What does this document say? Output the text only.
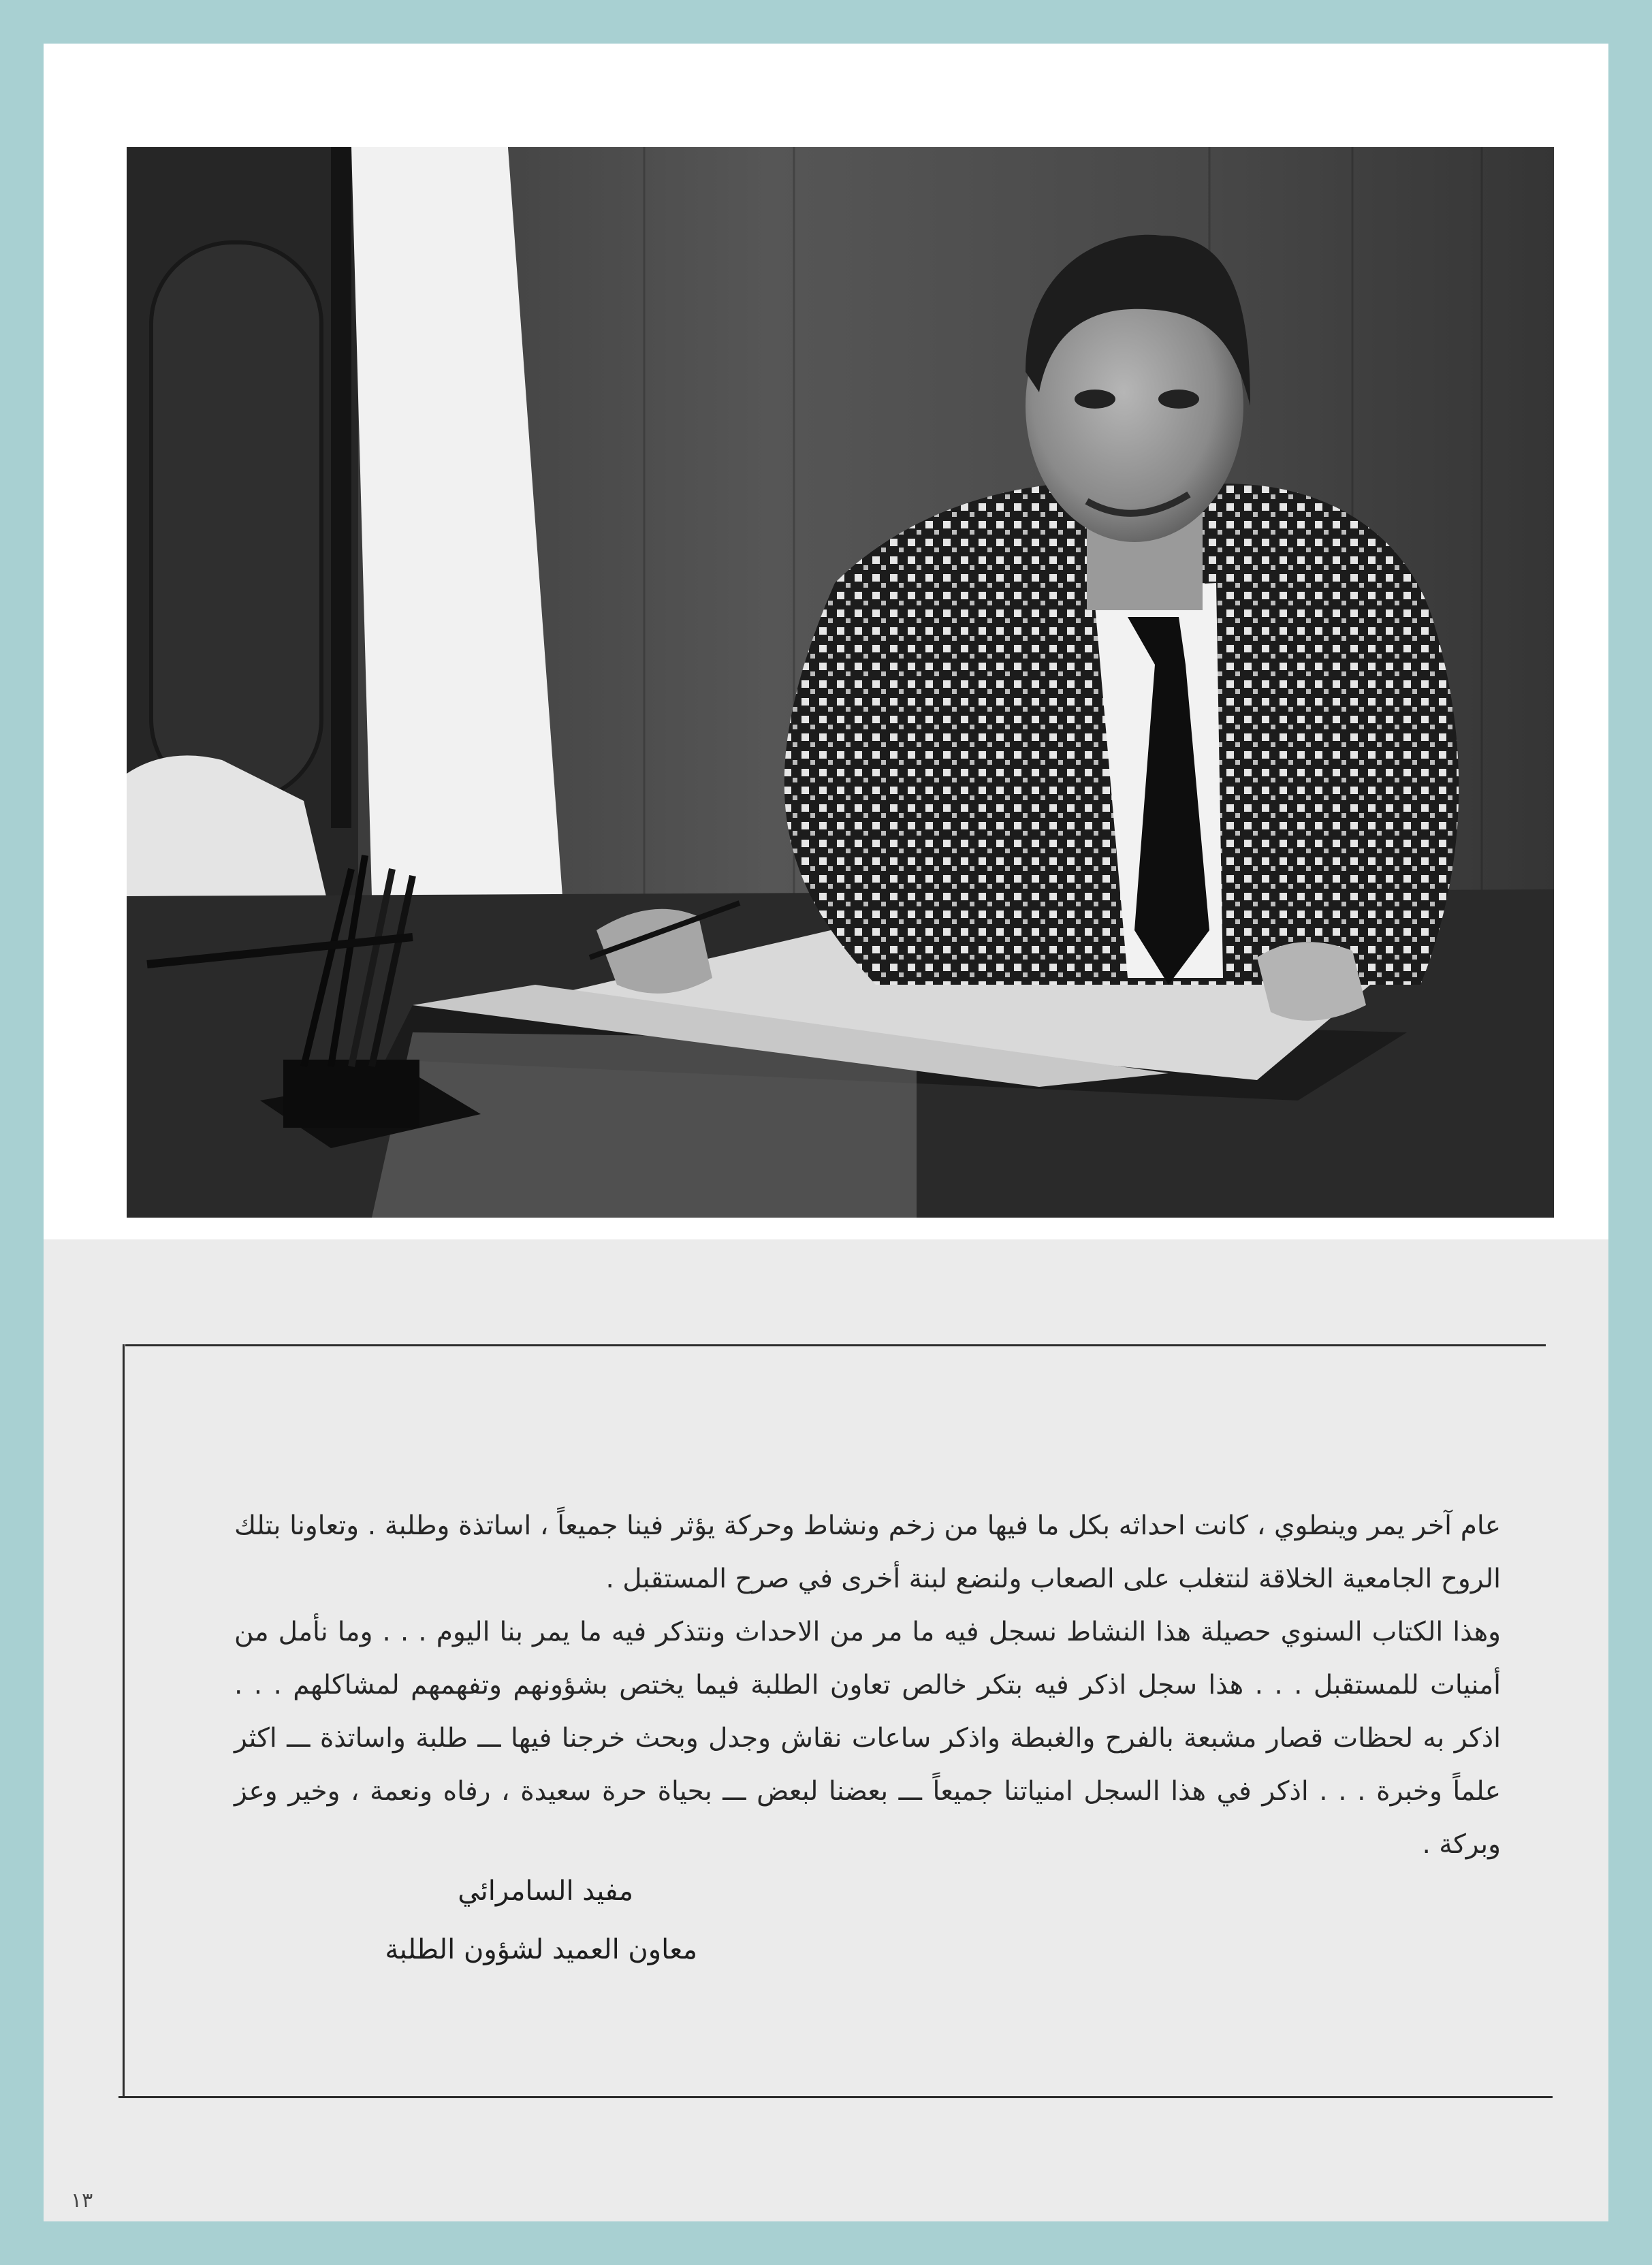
عام آخر يمر وينطوي ، كانت احداثه بكل ما فيها من زخم ونشاط وحركة يؤثر فينا جميعاً ، اساتذة وطلبة . وتعاونا بتلك الروح الجامعية الخلاقة لنتغلب على الصعاب ولنضع لبنة أخرى في صرح المستقبل .

وهذا الكتاب السنوي حصيلة هذا النشاط نسجل فيه ما مر من الاحداث ونتذكر فيه ما يمر بنا اليوم . . . وما نأمل من أمنيات للمستقبل . . . هذا سجل اذكر فيه بتكر خالص تعاون الطلبة فيما يختص بشؤونهم وتفهمهم لمشاكلهم . . . اذكر به لحظات قصار مشبعة بالفرح والغبطة واذكر ساعات نقاش وجدل وبحث خرجنا فيها ـــ طلبة واساتذة ـــ اكثر علماً وخبرة . . . اذكر في هذا السجل امنياتنا جميعاً ـــ بعضنا لبعض ـــ بحياة حرة سعيدة ، رفاه ونعمة ، وخير وعز وبركة .

مفيد السامرائي
معاون العميد لشؤون الطلبة
١٣
